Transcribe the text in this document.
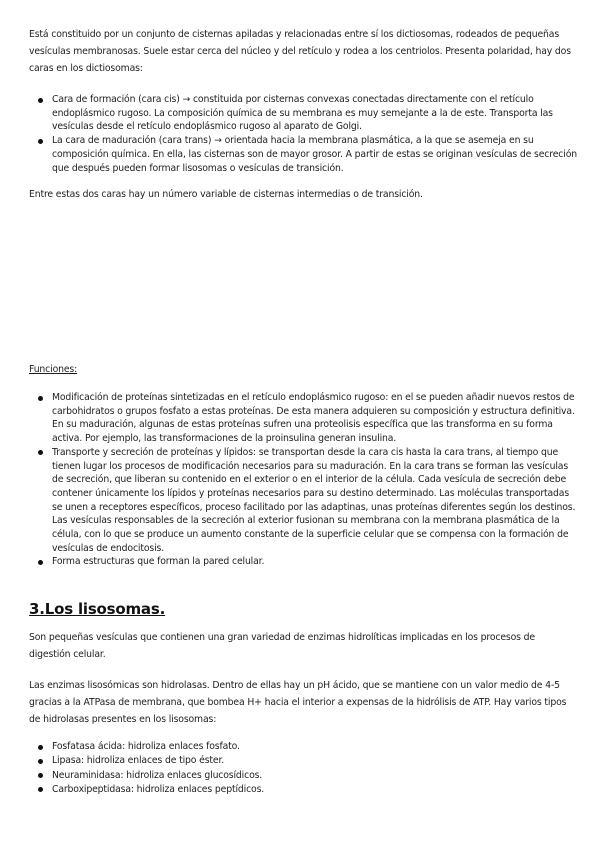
Está constituido por un conjunto de cisternas apiladas y relacionadas entre sí los dictiosomas, rodeados de pequeñas vesículas membranosas. Suele estar cerca del núcleo y del retículo y rodea a los centriolos. Presenta polaridad, hay dos caras en los dictiosomas:

Cara de formación (cara cis) → constituida por cisternas convexas conectadas directamente con el retículo endoplásmico rugoso. La composición química de su membrana es muy semejante a la de este. Transporta las vesículas desde el retículo endoplásmico rugoso al aparato de Golgi.
La cara de maduración (cara trans) → orientada hacia la membrana plasmática, a la que se asemeja en su composición química. En ella, las cisternas son de mayor grosor. A partir de estas se originan vesículas de secreción que después pueden formar lisosomas o vesículas de transición.

Entre estas dos caras hay un número variable de cisternas intermedias o de transición.

Funciones:

Modificación de proteínas sintetizadas en el retículo endoplásmico rugoso: en el se pueden añadir nuevos restos de carbohidratos o grupos fosfato a estas proteínas. De esta manera adquieren su composición y estructura definitiva. En su maduración, algunas de estas proteínas sufren una proteolisis específica que las transforma en su forma activa. Por ejemplo, las transformaciones de la proinsulina generan insulina.
Transporte y secreción de proteínas y lípidos: se transportan desde la cara cis hasta la cara trans, al tiempo que tienen lugar los procesos de modificación necesarios para su maduración. En la cara trans se forman las vesículas de secreción, que liberan su contenido en el exterior o en el interior de la célula. Cada vesícula de secreción debe contener únicamente los lípidos y proteínas necesarios para su destino determinado. Las moléculas transportadas se unen a receptores específicos, proceso facilitado por las adaptinas, unas proteínas diferentes según los destinos.
Las vesículas responsables de la secreción al exterior fusionan su membrana con la membrana plasmática de la célula, con lo que se produce un aumento constante de la superficie celular que se compensa con la formación de vesículas de endocitosis.
Forma estructuras que forman la pared celular.
3.Los lisosomas.

Son pequeñas vesículas que contienen una gran variedad de enzimas hidrolíticas implicadas en los procesos de digestión celular.

Las enzimas lisosómicas son hidrolasas. Dentro de ellas hay un pH ácido, que se mantiene con un valor medio de 4-5 gracias a la ATPasa de membrana, que bombea H+ hacia el interior a expensas de la hidrólisis de ATP. Hay varios tipos de hidrolasas presentes en los lisosomas:

Fosfatasa ácida: hidroliza enlaces fosfato.
Lipasa: hidroliza enlaces de tipo éster.
Neuraminidasa: hidroliza enlaces glucosídicos.
Carboxipeptidasa: hidroliza enlaces peptídicos.
